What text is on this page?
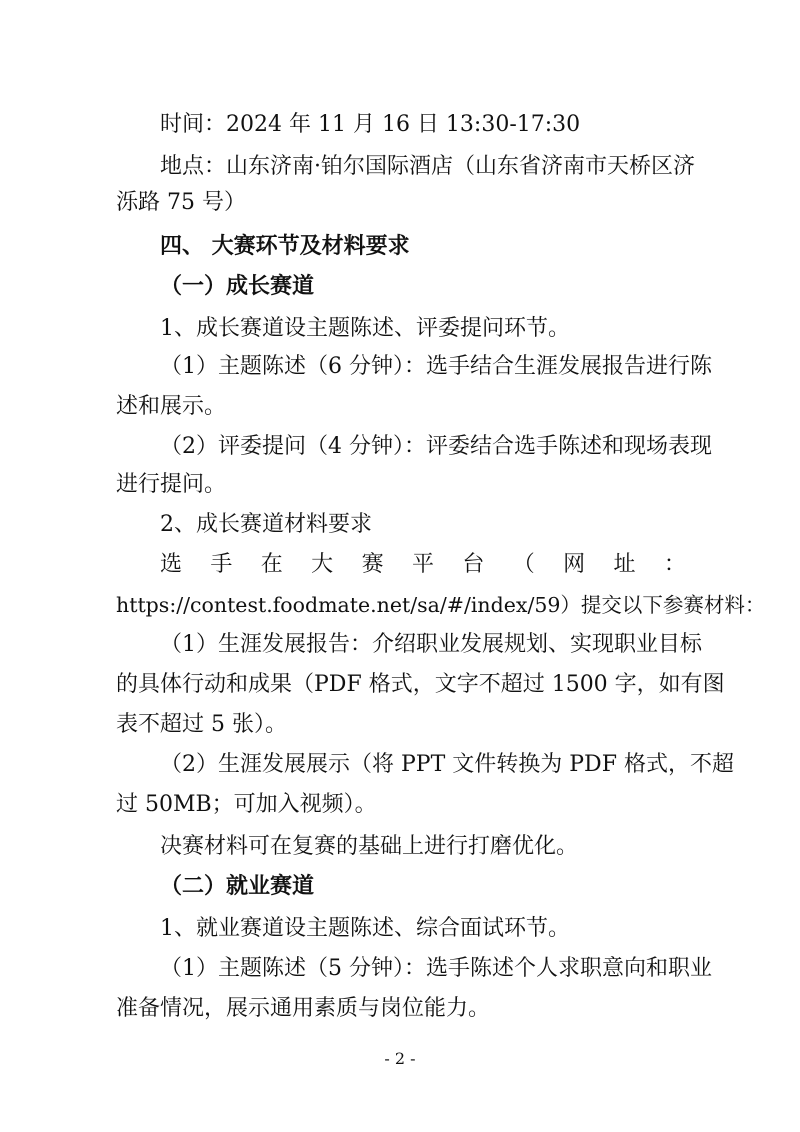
时间：2024 年 11 月 16 日 13:30-17:30
地点：山东济南·铂尔国际酒店（山东省济南市天桥区济
泺路 75 号）
四、 大赛环节及材料要求
（一）成长赛道
1、成长赛道设主题陈述、评委提问环节。
（1）主题陈述（6 分钟）：选手结合生涯发展报告进行陈
述和展示。
（2）评委提问（4 分钟）：评委结合选手陈述和现场表现
进行提问。
2、成长赛道材料要求
选 手 在 大 赛 平 台 （ 网 址 ：
https://contest.foodmate.net/sa/#/index/59）提交以下参赛材料：
（1）生涯发展报告：介绍职业发展规划、实现职业目标
的具体行动和成果（PDF 格式，文字不超过 1500 字，如有图
表不超过 5 张）。
（2）生涯发展展示（将 PPT 文件转换为 PDF 格式，不超
过 50MB；可加入视频）。
决赛材料可在复赛的基础上进行打磨优化。
（二）就业赛道
1、就业赛道设主题陈述、综合面试环节。
（1）主题陈述（5 分钟）：选手陈述个人求职意向和职业
准备情况，展示通用素质与岗位能力。
- 2 -
